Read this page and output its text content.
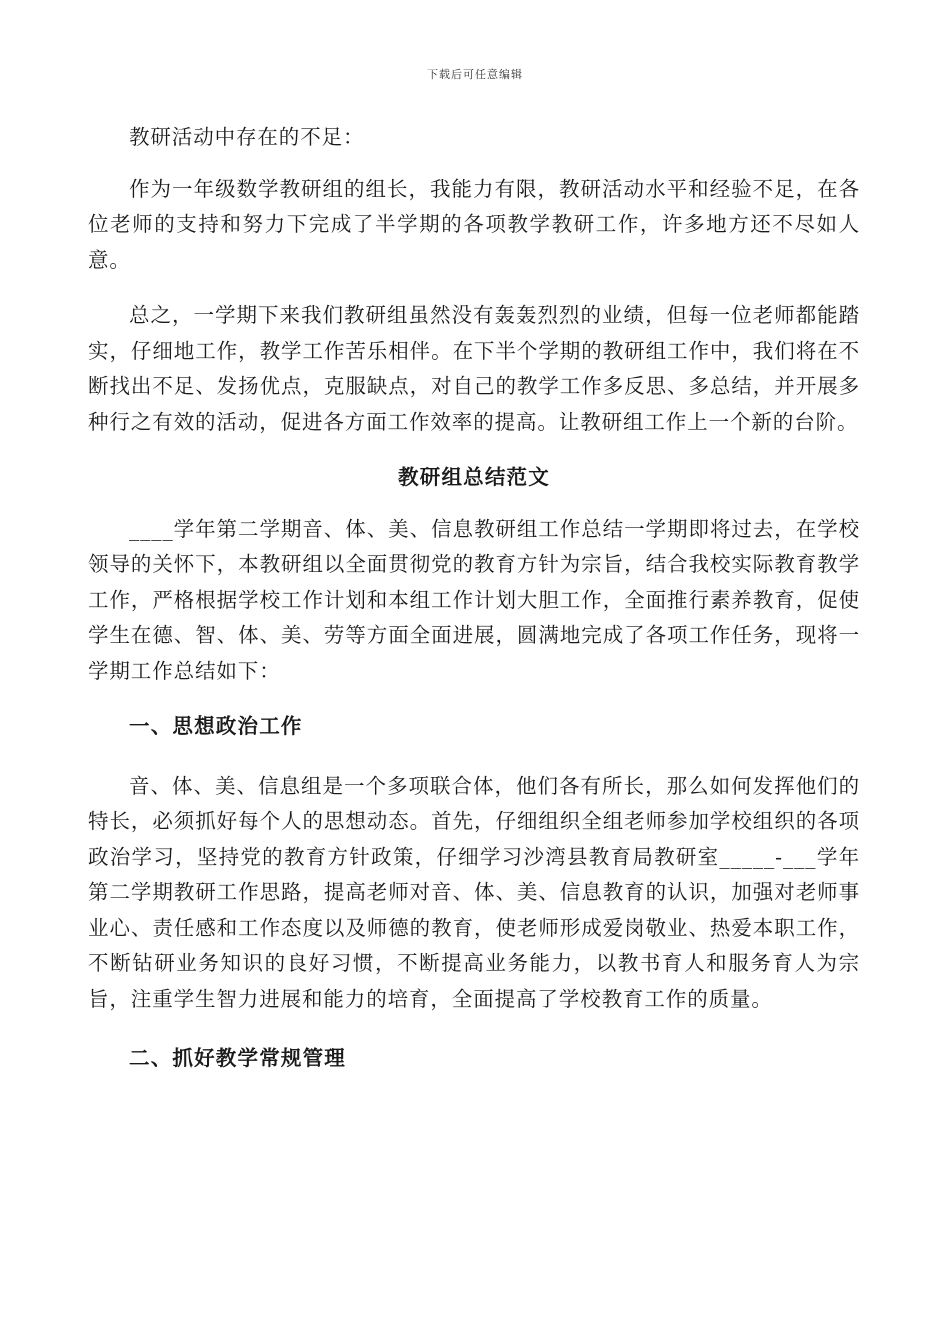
下载后可任意编辑

教研活动中存在的不足：

作为一年级数学教研组的组长，我能力有限，教研活动水平和经验不足，在各位老师的支持和努力下完成了半学期的各项教学教研工作，许多地方还不尽如人意。

总之，一学期下来我们教研组虽然没有轰轰烈烈的业绩，但每一位老师都能踏实，仔细地工作，教学工作苦乐相伴。在下半个学期的教研组工作中，我们将在不断找出不足、发扬优点，克服缺点，对自己的教学工作多反思、多总结，并开展多种行之有效的活动，促进各方面工作效率的提高。让教研组工作上一个新的台阶。

教研组总结范文

____学年第二学期音、体、美、信息教研组工作总结一学期即将过去，在学校领导的关怀下，本教研组以全面贯彻党的教育方针为宗旨，结合我校实际教育教学工作，严格根据学校工作计划和本组工作计划大胆工作，全面推行素养教育，促使学生在德、智、体、美、劳等方面全面进展，圆满地完成了各项工作任务，现将一学期工作总结如下：

一、思想政治工作

音、体、美、信息组是一个多项联合体，他们各有所长，那么如何发挥他们的特长，必须抓好每个人的思想动态。首先，仔细组织全组老师参加学校组织的各项政治学习，坚持党的教育方针政策，仔细学习沙湾县教育局教研室_____-___学年第二学期教研工作思路，提高老师对音、体、美、信息教育的认识，加强对老师事业心、责任感和工作态度以及师德的教育，使老师形成爱岗敬业、热爱本职工作，不断钻研业务知识的良好习惯，不断提高业务能力，以教书育人和服务育人为宗旨，注重学生智力进展和能力的培育，全面提高了学校教育工作的质量。

二、抓好教学常规管理
